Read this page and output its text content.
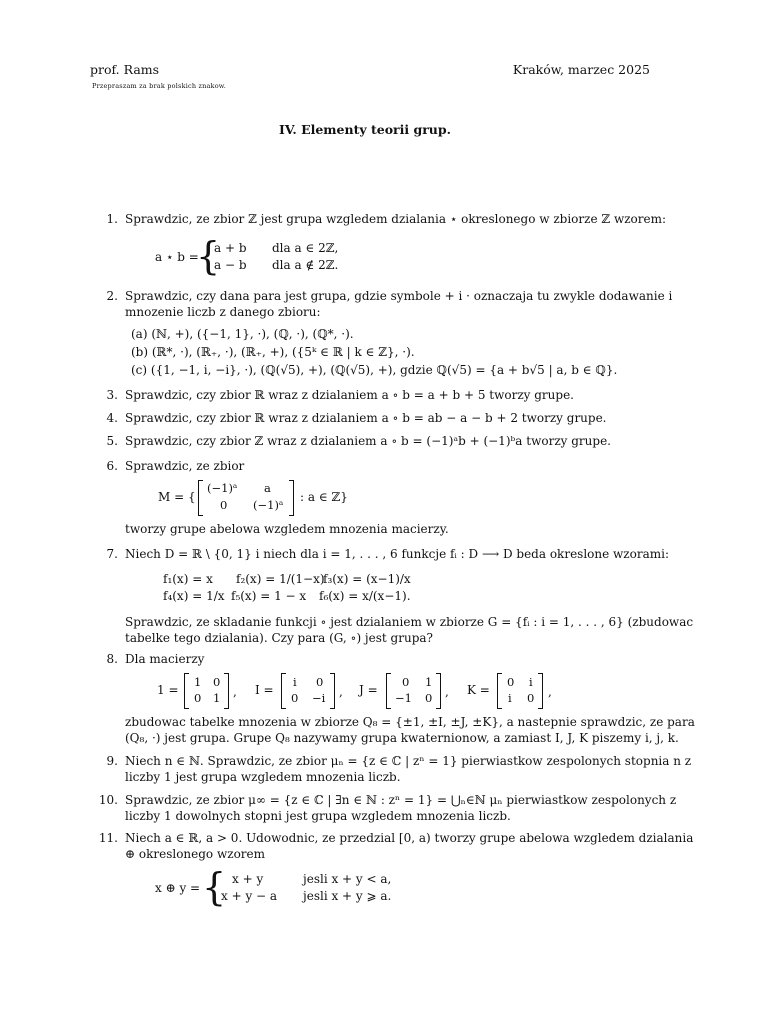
prof. Rams	Kraków, marzec 2025
Przepraszam za brak polskich znakow.
IV. Elementy teorii grup.
1. Sprawdzic, ze zbior ℤ jest grupa wzgledem dzialania ⋆ okreslonego w zbiorze ℤ wzorem:
a ⋆ b =
{
a + b dla a ∈ 2ℤ,
a − b dla a ∉ 2ℤ.
2. Sprawdzic, czy dana para jest grupa, gdzie symbole + i · oznaczaja tu zwykle dodawanie i
mnozenie liczb z danego zbioru:
(a) (ℕ, +), ({−1, 1}, ·), (ℚ, ·), (ℚ*, ·).
(b) (ℝ*, ·), (ℝ₊, ·), (ℝ₊, +), ({5ᵏ ∈ ℝ | k ∈ ℤ}, ·).
(c) ({1, −1, i, −i}, ·), (ℚ(√5), +), (ℚ(√5), +), gdzie ℚ(√5) = {a + b√5 | a, b ∈ ℚ}.
3. Sprawdzic, czy zbior ℝ wraz z dzialaniem a ∘ b = a + b + 5 tworzy grupe.
4. Sprawdzic, czy zbior ℝ wraz z dzialaniem a ∘ b = ab − a − b + 2 tworzy grupe.
5. Sprawdzic, czy zbior ℤ wraz z dzialaniem a ∘ b = (−1)ᵃb + (−1)ᵇa tworzy grupe.
6. Sprawdzic, ze zbior
M = {
(−1)ᵃ a
0 (−1)ᵃ
: a ∈ ℤ}
tworzy grupe abelowa wzgledem mnozenia macierzy.
7. Niech D = ℝ \ {0, 1} i niech dla i = 1, . . . , 6 funkcje fᵢ : D ⟶ D beda okreslone wzorami:
f₁(x) = x f₂(x) = 1/(1−x)
f₃(x) = (x−1)/x
f₄(x) = 1/x f₅(x) = 1 − x f₆(x) = x/(x−1).
Sprawdzic, ze skladanie funkcji ∘ jest dzialaniem w zbiorze G = {fᵢ : i = 1, . . . , 6} (zbudowac
tabelke tego dzialania). Czy para (G, ∘) jest grupa?
8. Dla macierzy
1 =
1 0
0 1 , I =
i 0
0 −i , J =
0 1
−1 0 , K =
0 i
i 0 ,
zbudowac tabelke mnozenia w zbiorze Q₈ = {±1, ±I, ±J, ±K}, a nastepnie sprawdzic, ze para
(Q₈, ·) jest grupa. Grupe Q₈ nazywamy grupa kwaternionow, a zamiast I, J, K piszemy i, j, k.
9. Niech n ∈ ℕ. Sprawdzic, ze zbior μₙ = {z ∈ ℂ | zⁿ = 1} pierwiastkow zespolonych stopnia n z
liczby 1 jest grupa wzgledem mnozenia liczb.
10. Sprawdzic, ze zbior μ∞ = {z ∈ ℂ | ∃n ∈ ℕ : zⁿ = 1} = ⋃ₙ∈ℕ μₙ pierwiastkow zespolonych z
liczby 1 dowolnych stopni jest grupa wzgledem mnozenia liczb.
11. Niech a ∈ ℝ, a > 0. Udowodnic, ze przedzial [0, a) tworzy grupe abelowa wzgledem dzialania
⊕ okreslonego wzorem
x ⊕ y = { x + y	jesli x + y < a,
x + y − a jesli x + y ⩾ a.
